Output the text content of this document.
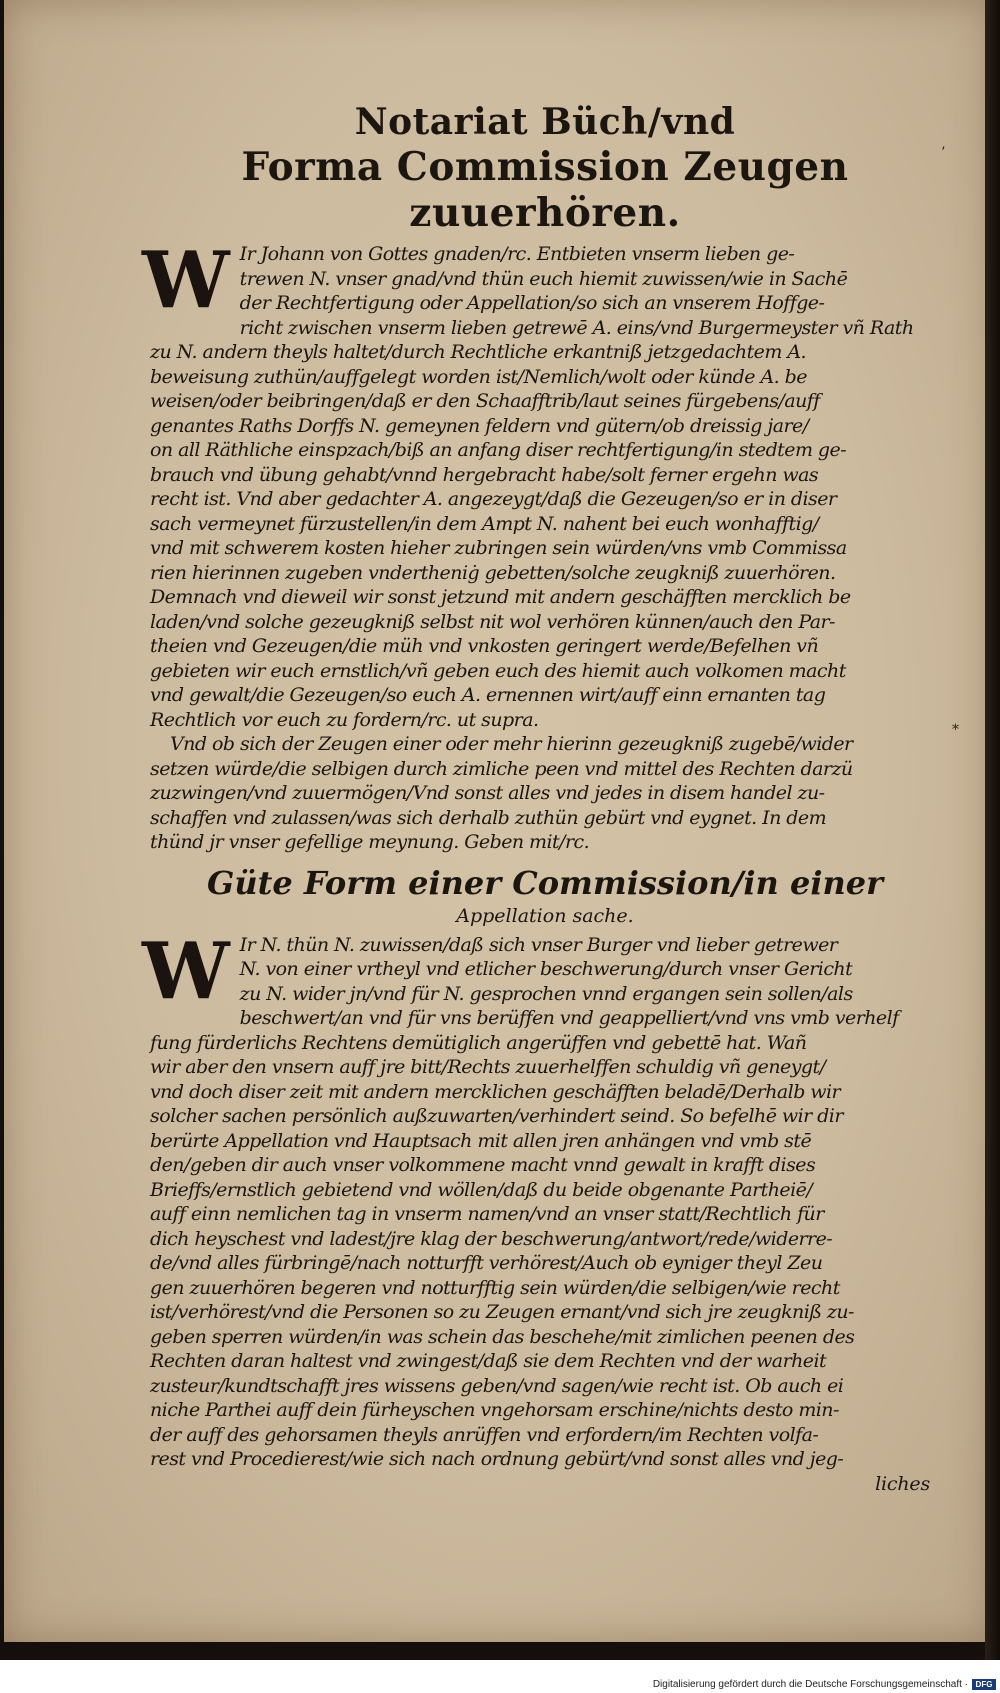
’
*

Notariat Büch/vnd

Forma Commission Zeugen zuuerhören.

W Ir Johann von Gottes gnaden/rc. Entbieten vnserm lieben ge-
trewen N. vnser gnad/vnd thün euch hiemit zuwissen/wie in Sachē
der Rechtfertigung oder Appellation/so sich an vnserem Hoffge-
richt zwischen vnserm lieben getrewē A. eins/vnd Burgermeyster vñ Rath
zu N. andern theyls haltet/durch Rechtliche erkantniß jetzgedachtem A.
beweisung zuthün/auffgelegt worden ist/Nemlich/wolt oder künde A. be
weisen/oder beibringen/daß er den Schaafftrib/laut seines fürgebens/auff
genantes Raths Dorffs N. gemeynen feldern vnd gütern/ob dreissig jare/
on all Räthliche einspzach/biß an anfang diser rechtfertigung/in stedtem ge-
brauch vnd übung gehabt/vnnd hergebracht habe/solt ferner ergehn was
recht ist. Vnd aber gedachter A. angezeygt/daß die Gezeugen/so er in diser
sach vermeynet fürzustellen/in dem Ampt N. nahent bei euch wonhafftig/
vnd mit schwerem kosten hieher zubringen sein würden/vns vmb Commissa
rien hierinnen zugeben vndertheniġ gebetten/solche zeugkniß zuuerhören.
Demnach vnd dieweil wir sonst jetzund mit andern geschäfften mercklich be
laden/vnd solche gezeugkniß selbst nit wol verhören künnen/auch den Par-
theien vnd Gezeugen/die müh vnd vnkosten geringert werde/Befelhen vñ
gebieten wir euch ernstlich/vñ geben euch des hiemit auch volkomen macht
vnd gewalt/die Gezeugen/so euch A. ernennen wirt/auff einn ernanten tag
Rechtlich vor euch zu fordern/rc. ut supra.
Vnd ob sich der Zeugen einer oder mehr hierinn gezeugkniß zugebē/wider
setzen würde/die selbigen durch zimliche peen vnd mittel des Rechten darzü
zuzwingen/vnd zuuermögen/Vnd sonst alles vnd jedes in disem handel zu-
schaffen vnd zulassen/was sich derhalb zuthün gebürt vnd eygnet. In dem
thünd jr vnser gefellige meynung. Geben mit/rc.
Güte Form einer Commission/in einer
Appellation sache.
W Ir N. thün N. zuwissen/daß sich vnser Burger vnd lieber getrewer
N. von einer vrtheyl vnd etlicher beschwerung/durch vnser Gericht
zu N. wider jn/vnd für N. gesprochen vnnd ergangen sein sollen/als
beschwert/an vnd für vns berüffen vnd geappelliert/vnd vns vmb verhelf
fung fürderlichs Rechtens demütiglich angerüffen vnd gebettē hat. Wañ
wir aber den vnsern auff jre bitt/Rechts zuuerhelffen schuldig vñ geneygt/
vnd doch diser zeit mit andern mercklichen geschäfften beladē/Derhalb wir
solcher sachen persönlich außzuwarten/verhindert seind. So befelhē wir dir
berürte Appellation vnd Hauptsach mit allen jren anhängen vnd vmb stē
den/geben dir auch vnser volkommene macht vnnd gewalt in krafft dises
Brieffs/ernstlich gebietend vnd wöllen/daß du beide obgenante Partheiē/
auff einn nemlichen tag in vnserm namen/vnd an vnser statt/Rechtlich für
dich heyschest vnd ladest/jre klag der beschwerung/antwort/rede/widerre-
de/vnd alles fürbringē/nach notturfft verhörest/Auch ob eyniger theyl Zeu
gen zuuerhören begeren vnd notturfftig sein würden/die selbigen/wie recht
ist/verhörest/vnd die Personen so zu Zeugen ernant/vnd sich jre zeugkniß zu-
geben sperren würden/in was schein das beschehe/mit zimlichen peenen des
Rechten daran haltest vnd zwingest/daß sie dem Rechten vnd der warheit
zusteur/kundtschafft jres wissens geben/vnd sagen/wie recht ist. Ob auch ei
niche Parthei auff dein fürheyschen vngehorsam erschine/nichts desto min-
der auff des gehorsamen theyls anrüffen vnd erfordern/im Rechten volfa-
rest vnd Procedierest/wie sich nach ordnung gebürt/vnd sonst alles vnd jeg-
liches
Digitalisierung gefördert durch die Deutsche Forschungsgemeinschaft · DFG
